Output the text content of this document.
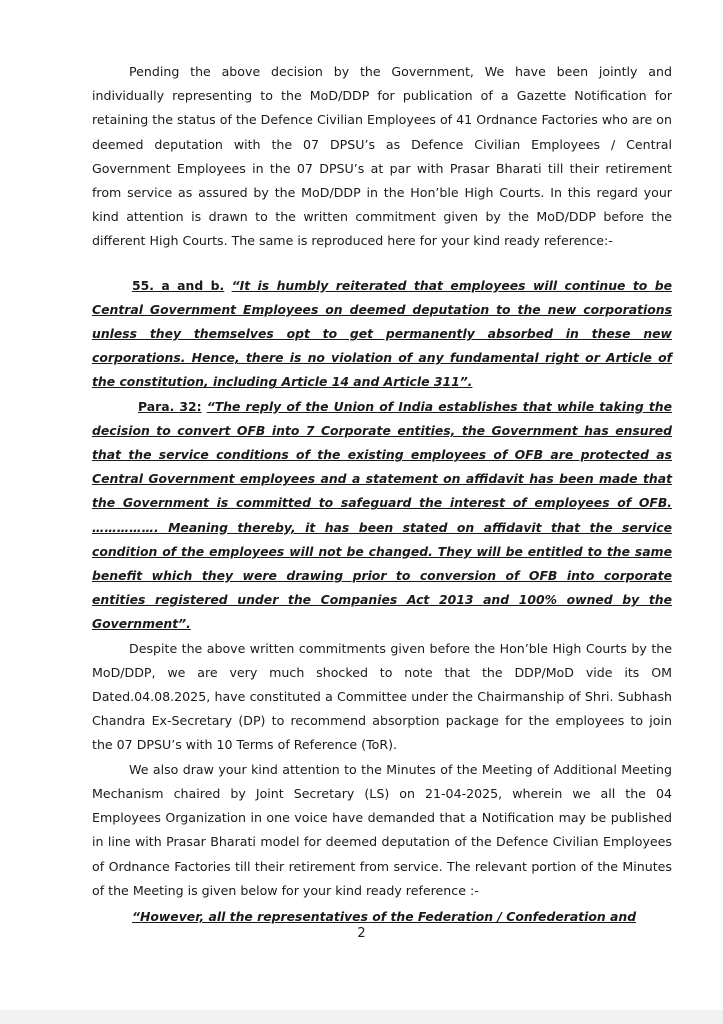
Pending the above decision by the Government, We have been jointly and individually representing to the MoD/DDP for publication of a Gazette Notification for retaining the status of the Defence Civilian Employees of 41 Ordnance Factories who are on deemed deputation with the 07 DPSU’s as Defence Civilian Employees / Central Government Employees in the 07 DPSU’s at par with Prasar Bharati till their retirement from service as assured by the MoD/DDP in the Hon’ble High Courts. In this regard your kind attention is drawn to the written commitment given by the MoD/DDP before the different High Courts. The same is reproduced here for your kind ready reference:-

55. a and b. “It is humbly reiterated that employees will continue to be Central Government Employees on deemed deputation to the new corporations unless they themselves opt to get permanently absorbed in these new corporations. Hence, there is no violation of any fundamental right or Article of the constitution, including Article 14 and Article 311”.

Para. 32: “The reply of the Union of India establishes that while taking the decision to convert OFB into 7 Corporate entities, the Government has ensured that the service conditions of the existing employees of OFB are protected as Central Government employees and a statement on affidavit has been made that the Government is committed to safeguard the interest of employees of OFB. ……………. Meaning thereby, it has been stated on affidavit that the service condition of the employees will not be changed. They will be entitled to the same benefit which they were drawing prior to conversion of OFB into corporate entities registered under the Companies Act 2013 and 100% owned by the Government”.

Despite the above written commitments given before the Hon’ble High Courts by the MoD/DDP, we are very much shocked to note that the DDP/MoD vide its OM Dated.04.08.2025, have constituted a Committee under the Chairmanship of Shri. Subhash Chandra Ex-Secretary (DP) to recommend absorption package for the employees to join the 07 DPSU’s with 10 Terms of Reference (ToR).

We also draw your kind attention to the Minutes of the Meeting of Additional Meeting Mechanism chaired by Joint Secretary (LS) on 21-04-2025, wherein we all the 04 Employees Organization in one voice have demanded that a Notification may be published in line with Prasar Bharati model for deemed deputation of the Defence Civilian Employees of Ordnance Factories till their retirement from service. The relevant portion of the Minutes of the Meeting is given below for your kind ready reference :-

“However, all the representatives of the Federation / Confederation and

2
